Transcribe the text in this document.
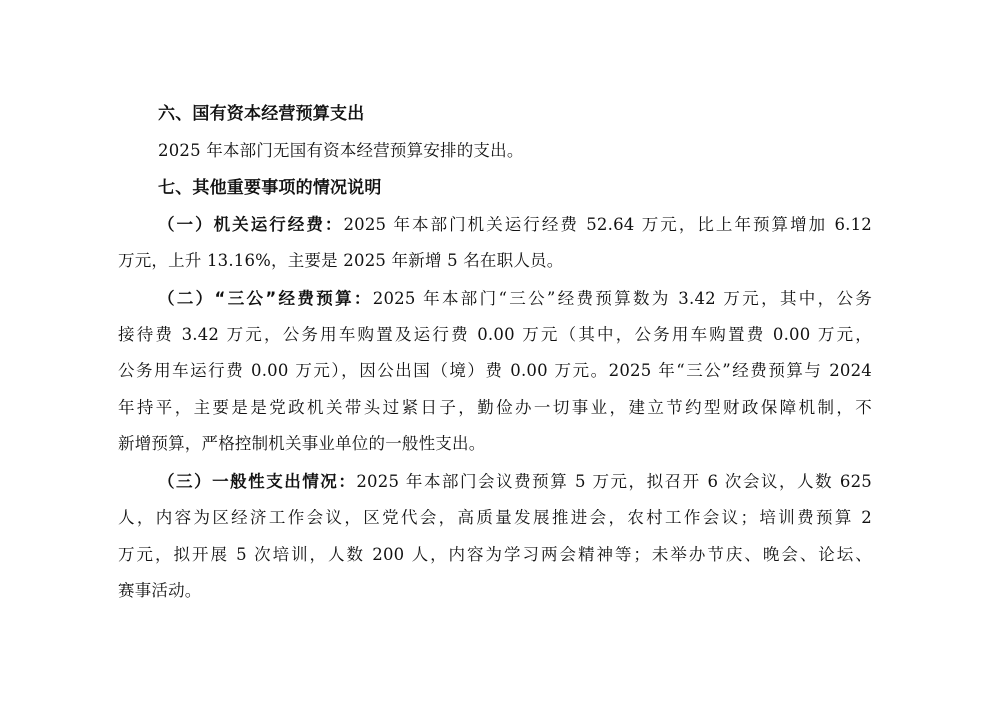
六、国有资本经营预算支出
2025 年本部门无国有资本经营预算安排的支出。
七、其他重要事项的情况说明
（一）机关运行经费：2025 年本部门机关运行经费 52.64 万元，比上年预算增加 6.12
万元，上升 13.16%，主要是 2025 年新增 5 名在职人员。
（二）“三公”经费预算：2025 年本部门“三公”经费预算数为 3.42 万元，其中，公务
接待费 3.42 万元，公务用车购置及运行费 0.00 万元（其中，公务用车购置费 0.00 万元，
公务用车运行费 0.00 万元），因公出国（境）费 0.00 万元。2025 年“三公”经费预算与 2024
年持平，主要是是党政机关带头过紧日子，勤俭办一切事业，建立节约型财政保障机制，不
新增预算，严格控制机关事业单位的一般性支出。
（三）一般性支出情况：2025 年本部门会议费预算 5 万元，拟召开 6 次会议，人数 625
人，内容为区经济工作会议，区党代会，高质量发展推进会，农村工作会议；培训费预算 2
万元，拟开展 5 次培训，人数 200 人，内容为学习两会精神等；未举办节庆、晚会、论坛、
赛事活动。
